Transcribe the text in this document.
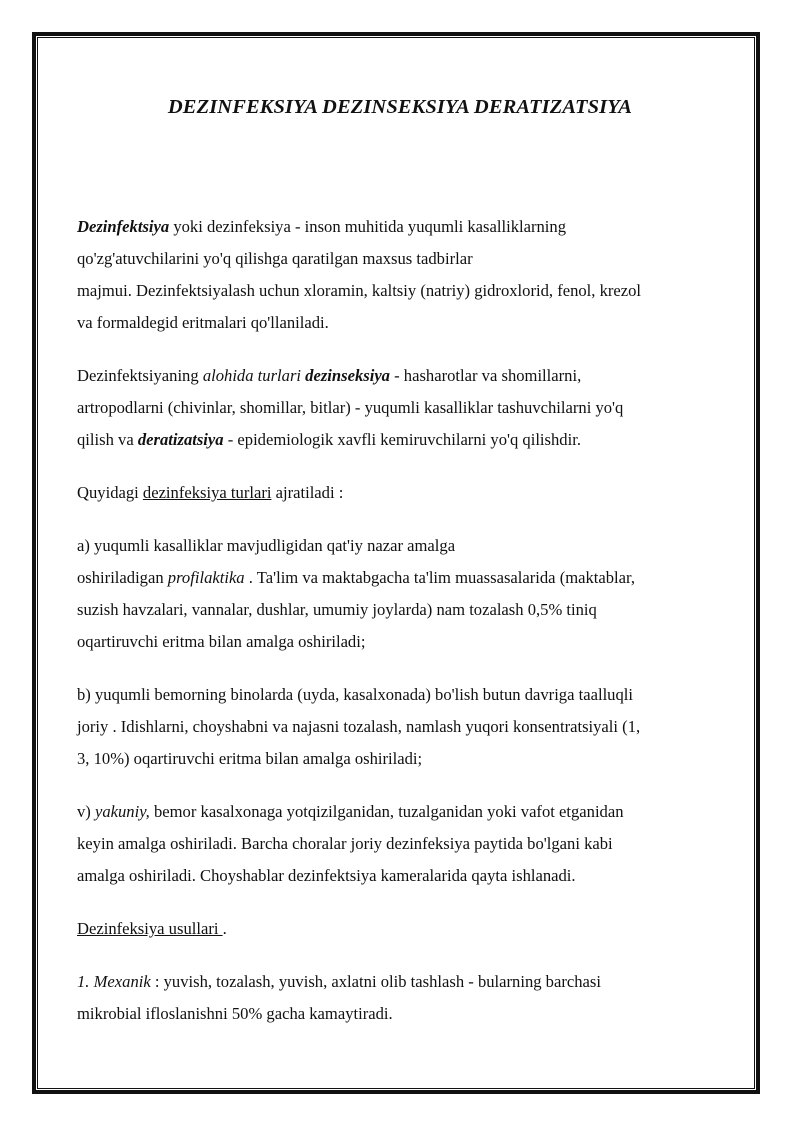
DEZINFEKSIYA DEZINSEKSIYA DERATIZATSIYA

Dezinfektsiya yoki dezinfeksiya - inson muhitida yuqumli kasalliklarning
qo'zg'atuvchilarini yo'q qilishga qaratilgan maxsus tadbirlar
majmui. Dezinfektsiyalash uchun xloramin, kaltsiy (natriy) gidroxlorid, fenol, krezol
va formaldegid eritmalari qo'llaniladi.

Dezinfektsiyaning alohida turlari dezinseksiya - hasharotlar va shomillarni,
artropodlarni (chivinlar, shomillar, bitlar) - yuqumli kasalliklar tashuvchilarni yo'q
qilish va deratizatsiya - epidemiologik xavfli kemiruvchilarni yo'q qilishdir.

Quyidagi dezinfeksiya turlari ajratiladi :

a) yuqumli kasalliklar mavjudligidan qat'iy nazar amalga
oshiriladigan profilaktika . Ta'lim va maktabgacha ta'lim muassasalarida (maktablar,
suzish havzalari, vannalar, dushlar, umumiy joylarda) nam tozalash 0,5% tiniq
oqartiruvchi eritma bilan amalga oshiriladi;

b) yuqumli bemorning binolarda (uyda, kasalxonada) bo'lish butun davriga taalluqli
joriy . Idishlarni, choyshabni va najasni tozalash, namlash yuqori konsentratsiyali (1,
3, 10%) oqartiruvchi eritma bilan amalga oshiriladi;

v) yakuniy, bemor kasalxonaga yotqizilganidan, tuzalganidan yoki vafot etganidan
keyin amalga oshiriladi. Barcha choralar joriy dezinfeksiya paytida bo'lgani kabi
amalga oshiriladi. Choyshablar dezinfektsiya kameralarida qayta ishlanadi.

Dezinfeksiya usullari .

1. Mexanik : yuvish, tozalash, yuvish, axlatni olib tashlash - bularning barchasi
mikrobial ifloslanishni 50% gacha kamaytiradi.
